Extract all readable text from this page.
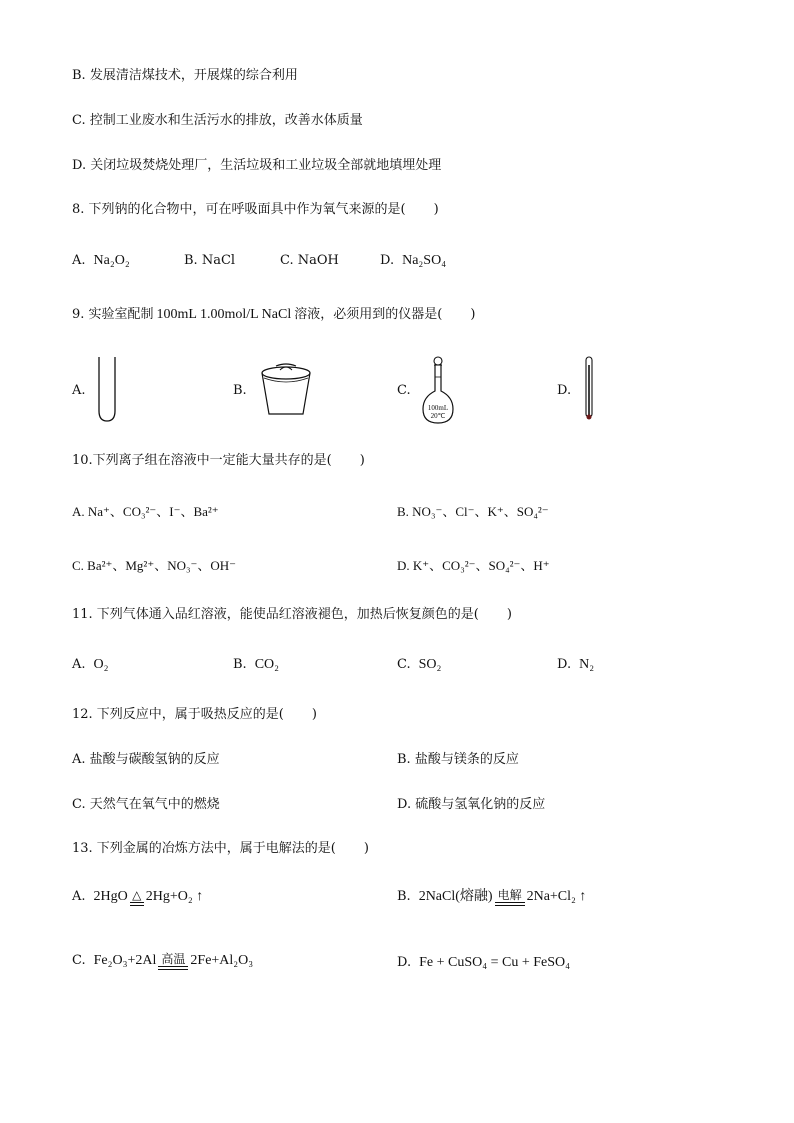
B. 发展清洁煤技术，开展煤的综合利用
C. 控制工业废水和生活污水的排放，改善水体质量
D. 关闭垃圾焚烧处理厂，生活垃圾和工业垃圾全部就地填埋处理
8. 下列钠的化合物中，可在呼吸面具中作为氧气来源的是( )
A. Na₂O₂	B. NaCl	C. NaOH	D. Na₂SO₄
9. 实验室配制 100mL 1.00mol/L NaCl 溶液，必须用到的仪器是( )
A.	B.	C.
100mL
20℃
D.
10.下列离子组在溶液中一定能大量共存的是( )
A. Na⁺、CO₃²⁻、I⁻、Ba²⁺	B. NO₃⁻、Cl⁻、K⁺、SO₄²⁻
C. Ba²⁺、Mg²⁺、NO₃⁻、OH⁻	D. K⁺、CO₃²⁻、SO₄²⁻、H⁺
11. 下列气体通入品红溶液，能使品红溶液褪色，加热后恢复颜色的是( )
A. O₂	B. CO₂	C. SO₂	D. N₂
12. 下列反应中，属于吸热反应的是( )
A. 盐酸与碳酸氢钠的反应	B. 盐酸与镁条的反应
C. 天然气在氧气中的燃烧	D. 硫酸与氢氧化钠的反应
13. 下列金属的冶炼方法中，属于电解法的是( )
A. 2HgO △ 2Hg+O₂ ↑	B. 2NaCl(熔融) 电解 2Na+Cl₂ ↑
C. Fe₂O₃+2Al 高温 2Fe+Al₂O₃	D. Fe + CuSO₄ = Cu + FeSO₄
